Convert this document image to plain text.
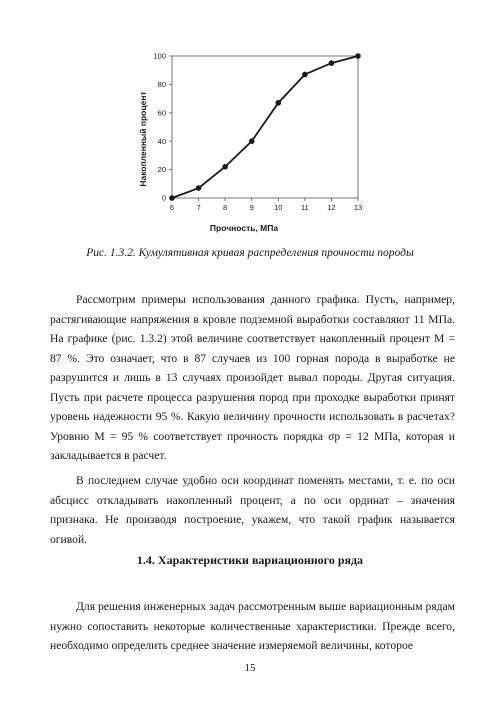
6	7	8	9	10 11 12 13
0
20
40
60
80
100
Прочность, МПа
Накопленный процент
Рис. 1.3.2. Кумулятивная кривая распределения прочности породы

Рассмотрим примеры использования данного графика. Пусть, например, растягивающие напряжения в кровле подземной выработки составляют 11 МПа. На графике (рис. 1.3.2) этой величине соответствует накопленный процент M = 87 %. Это означает, что в 87 случаев из 100 горная порода в выработке не разрушится и лишь в 13 случаях произойдет вывал породы. Другая ситуация. Пусть при расчете процесса разрушения пород при проходке выработки принят уровень надежности 95 %. Какую величину прочности использовать в расчетах? Уровню M = 95 % соответствует прочность порядка σр = 12 МПа, которая и закладывается в расчет.

В последнем случае удобно оси координат поменять местами, т. е. по оси абсцисс откладывать накопленный процент, а по оси ординат – значения признака. Не производя построение, укажем, что такой график называется огивой.

1.4. Характеристики вариационного ряда

Для решения инженерных задач рассмотренным выше вариационным рядам нужно сопоставить некоторые количественные характеристики. Прежде всего, необходимо определить среднее значение измеряемой величины, которое

15
